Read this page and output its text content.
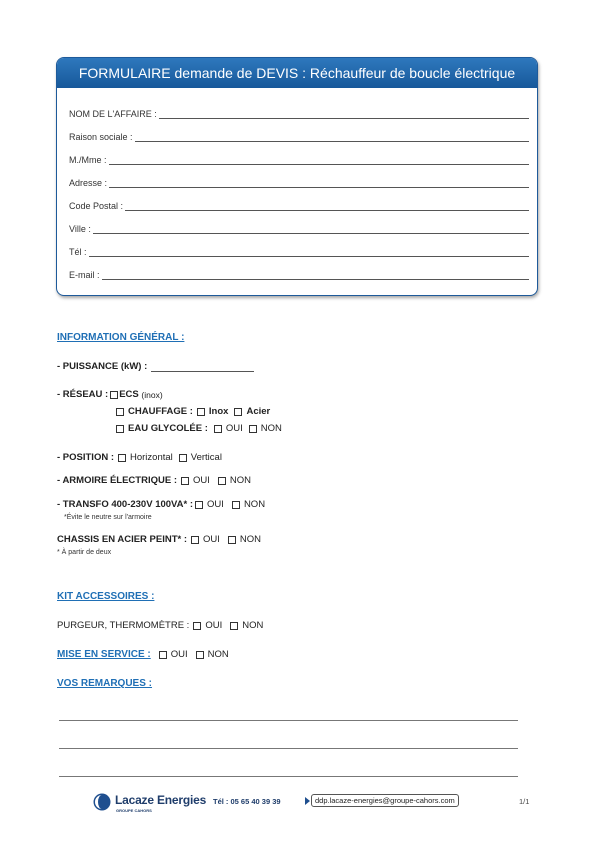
FORMULAIRE demande de DEVIS : Réchauffeur de boucle électrique
NOM DE L'AFFAIRE :
Raison sociale :
M./Mme :
Adresse :
Code Postal :
Ville :
Tél :
E-mail :
INFORMATION GÉNÉRAL :
- PUISSANCE (kW) :
- RÉSEAU : ECS
(inox)
CHAUFFAGE : Inox Acier
EAU GLYCOLÉE : OUI NON
- POSITION : Horizontal Vertical
- ARMOIRE ÉLECTRIQUE : OUI NON
- TRANSFO 400-230V 100VA* : OUI NON
*Évite le neutre sur l'armoire
CHASSIS EN ACIER PEINT* : OUI NON
* À partir de deux
KIT ACCESSOIRES :
PURGEUR, THERMOMÈTRE : OUI NON
MISE EN SERVICE : OUI NON
VOS REMARQUES :
Lacaze Energies
GROUPE CAHORS
Tél : 05 65 40 39 39	ddp.lacaze-energies@groupe-cahors.com	1/1
